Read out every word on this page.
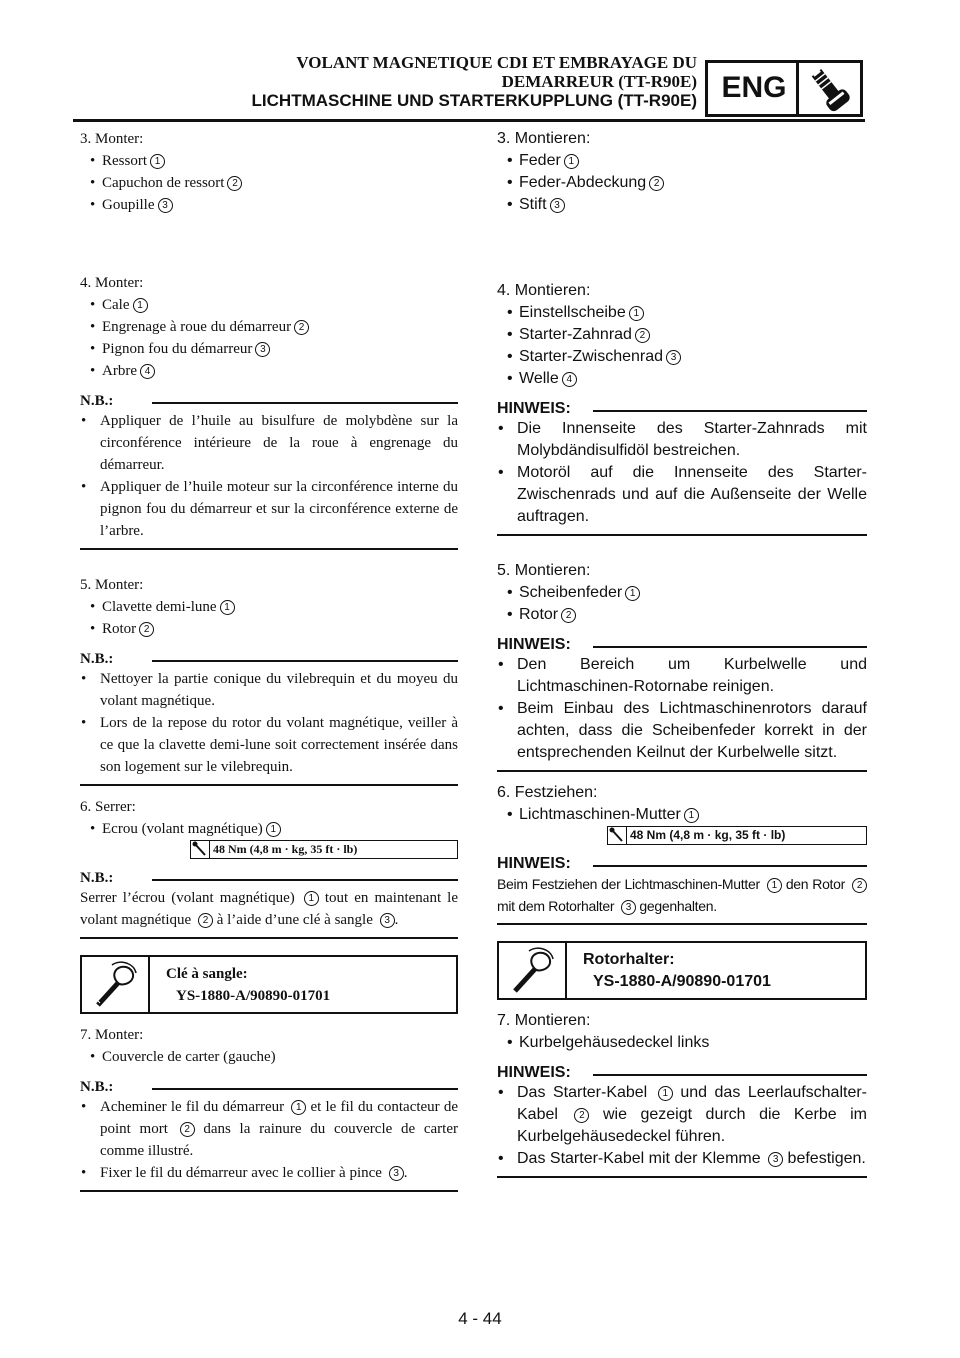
VOLANT MAGNETIQUE CDI ET EMBRAYAGE DU
DEMARREUR (TT-R90E)
LICHTMASCHINE UND STARTERKUPPLUNG (TT-R90E) ENG
3. Monter:
• Ressort 1
• Capuchon de ressort 2
• Goupille 3
4. Monter:
• Cale 1
• Engrenage à roue du démarreur 2
• Pignon fou du démarreur 3
• Arbre 4
N.B.:
• Appliquer de l’huile au bisulfure de molybdène sur la circonférence intérieure de la roue à engrenage du démarreur.
• Appliquer de l’huile moteur sur la circonférence interne du pignon fou du démarreur et sur la circonférence externe de l’arbre.
5. Monter:
• Clavette demi-lune 1
• Rotor 2
N.B.:
• Nettoyer la partie conique du vilebrequin et du moyeu du volant magnétique.
• Lors de la repose du rotor du volant magnétique, veiller à ce que la clavette demi-lune soit correctement insérée dans son logement sur le vilebrequin.
6. Serrer:
• Ecrou (volant magnétique) 1
48 Nm (4,8 m · kg, 35 ft · lb)
N.B.:
Serrer l’écrou (volant magnétique) 1 tout en maintenant le volant magnétique 2 à l’aide d’une clé à sangle 3 .
Clé à sangle:
YS-1880-A/90890-01701
7. Monter:
• Couvercle de carter (gauche)
N.B.:
• Acheminer le fil du démarreur 1 et le fil du contacteur de point mort 2 dans la rainure du couvercle de carter comme illustré.
• Fixer le fil du démarreur avec le collier à pince 3 .
3. Montieren:
• Feder 1
• Feder-Abdeckung 2
• Stift 3
4. Montieren:
• Einstellscheibe 1
• Starter-Zahnrad 2
• Starter-Zwischenrad 3
• Welle 4
HINWEIS:
• Die Innenseite des Starter-Zahnrads mit Molybdändisulfidöl bestreichen.
• Motoröl auf die Innenseite des Starter-Zwischenrads und auf die Außenseite der Welle auftragen.
5. Montieren:
• Scheibenfeder 1
• Rotor 2
HINWEIS:
• Den Bereich um Kurbelwelle und Lichtmaschinen-Rotornabe reinigen.
• Beim Einbau des Lichtmaschinenrotors darauf achten, dass die Scheibenfeder korrekt in der entsprechenden Keilnut der Kurbelwelle sitzt.
6. Festziehen:
• Lichtmaschinen-Mutter 1
48 Nm (4,8 m · kg, 35 ft · lb)
HINWEIS:
Beim Festziehen der Lichtmaschinen-Mutter 1 den Rotor 2 mit dem Rotorhalter 3 gegenhalten.
Rotorhalter:
YS-1880-A/90890-01701
7. Montieren:
• Kurbelgehäusedeckel links
HINWEIS:
• Das Starter-Kabel 1 und das Leerlaufschalter-Kabel 2 wie gezeigt durch die Kerbe im Kurbelgehäusedeckel führen.
• Das Starter-Kabel mit der Klemme 3 befestigen.
4 - 44
